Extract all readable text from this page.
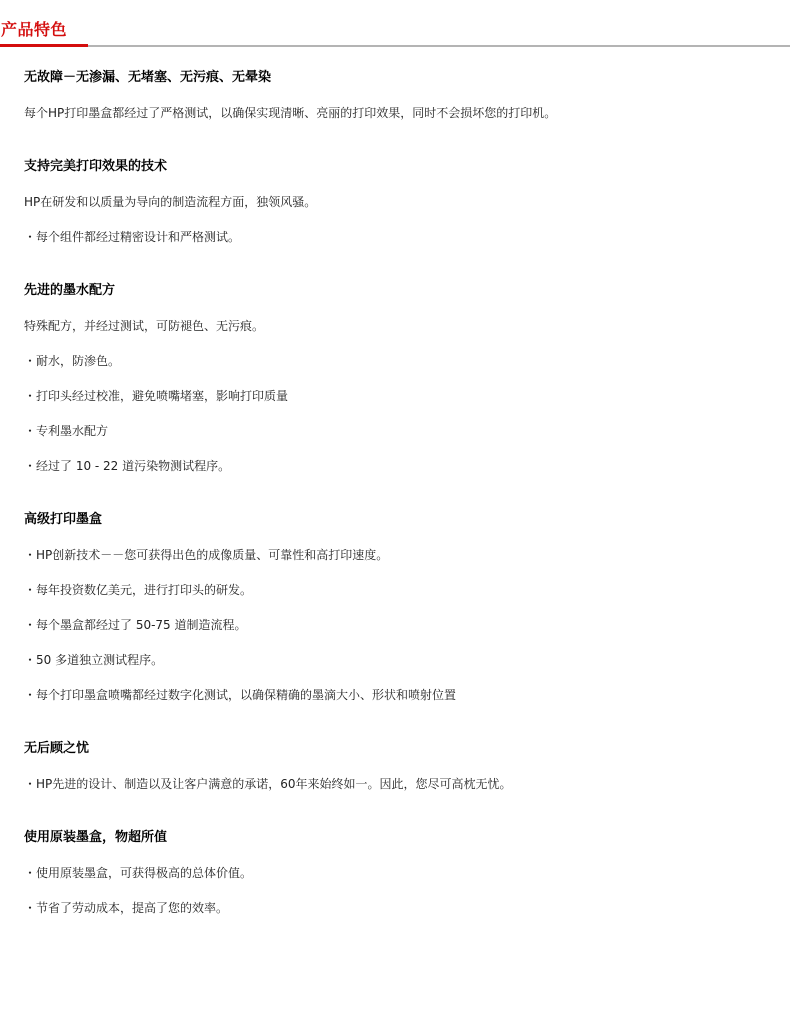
产品特色
无故障－无渗漏、无堵塞、无污痕、无晕染
每个HP打印墨盒都经过了严格测试，以确保实现清晰、亮丽的打印效果，同时不会损坏您的打印机。
支持完美打印效果的技术
HP在研发和以质量为导向的制造流程方面，独领风骚。
・每个组件都经过精密设计和严格测试。
先进的墨水配方
特殊配方，并经过测试，可防褪色、无污痕。
・耐水，防渗色。
・打印头经过校准，避免喷嘴堵塞，影响打印质量
・专利墨水配方
・经过了 10 - 22 道污染物测试程序。
高级打印墨盒
・HP创新技术－－您可获得出色的成像质量、可靠性和高打印速度。
・每年投资数亿美元，进行打印头的研发。
・每个墨盒都经过了 50-75 道制造流程。
・50 多道独立测试程序。
・每个打印墨盒喷嘴都经过数字化测试，以确保精确的墨滴大小、形状和喷射位置
无后顾之忧
・HP先进的设计、制造以及让客户满意的承诺，60年来始终如一。因此，您尽可高枕无忧。
使用原装墨盒，物超所值
・使用原装墨盒，可获得极高的总体价值。
・节省了劳动成本，提高了您的效率。
